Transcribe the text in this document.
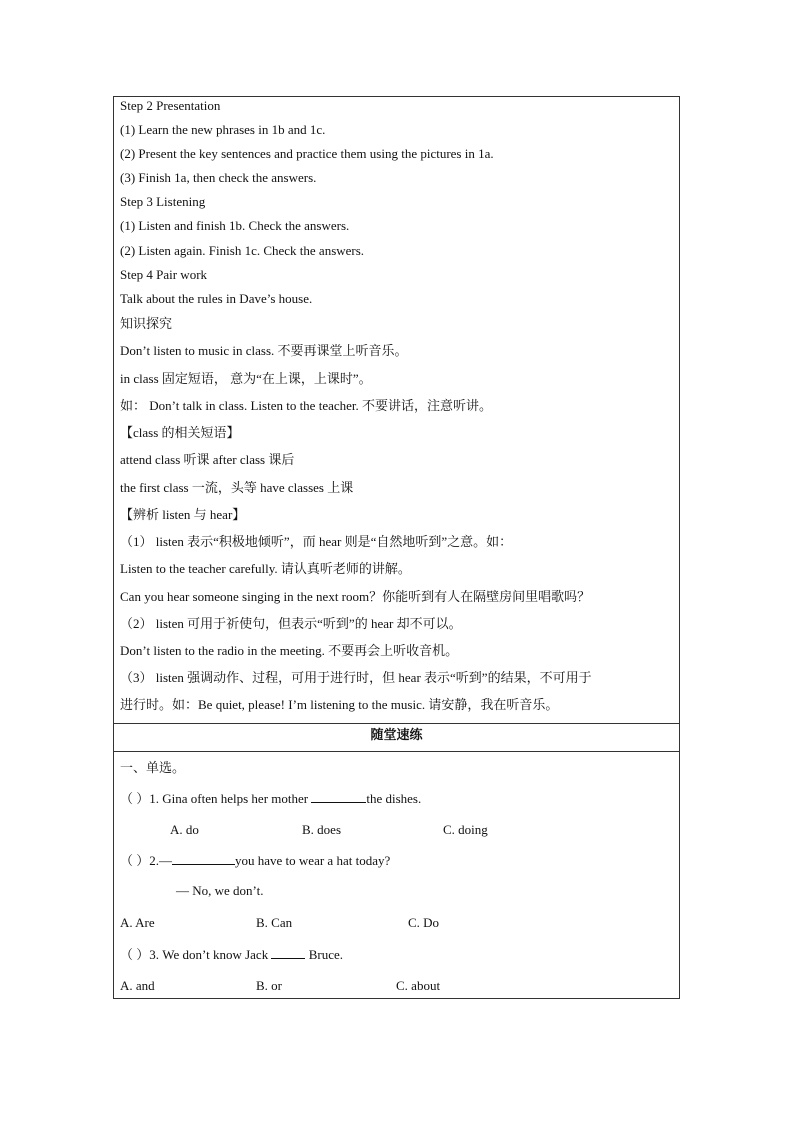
Step 2 Presentation
(1) Learn the new phrases in 1b and 1c.
(2) Present the key sentences and practice them using the pictures in 1a.
(3) Finish 1a, then check the answers.
Step 3 Listening
(1) Listen and finish 1b. Check the answers.
(2) Listen again. Finish 1c. Check the answers.
Step 4 Pair work
Talk about the rules in Dave’s house.
知识探究
Don’t listen to music in class. 不要再课堂上听音乐。
in class 固定短语， 意为“在上课，上课时”。
如： Don’t talk in class. Listen to the teacher. 不要讲话，注意听讲。
【class 的相关短语】
attend class 听课 after class 课后
the first class 一流，头等 have classes 上课
【辨析 listen 与 hear】
（1） listen 表示“积极地倾听”，而 hear 则是“自然地听到”之意。如：
Listen to the teacher carefully. 请认真听老师的讲解。
Can you hear someone singing in the next room？你能听到有人在隔壁房间里唱歌吗？
（2） listen 可用于祈使句，但表示“听到”的 hear 却不可以。
Don’t listen to the radio in the meeting. 不要再会上听收音机。
（3） listen 强调动作、过程，可用于进行时，但 hear 表示“听到”的结果，不可用于
进行时。如：Be quiet, please! I’m listening to the music. 请安静，我在听音乐。
随堂速练
一、单选。
（ ）1. Gina often helps her mother	the dishes.
A. do	B. does	C. doing
（ ）2.—	you have to wear a hat today?
— No, we don’t.
A. Are	B. Can	C. Do
（ ）3. We don’t know Jack	Bruce.
A. and	B. or	C. about
